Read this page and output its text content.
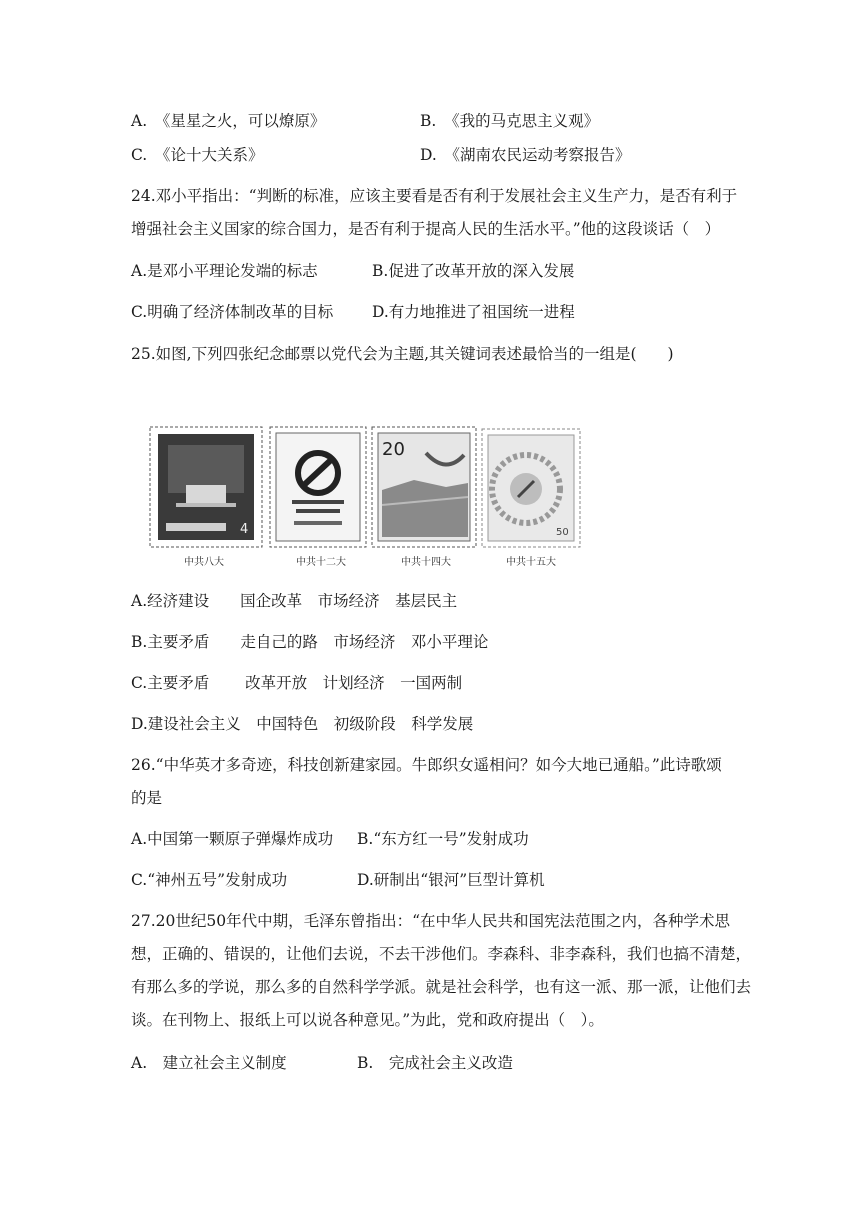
A.　《星星之火，可以燎原》	B.　《我的马克思主义观》
C.　《论十大关系》	D.　《湖南农民运动考察报告》
24.邓小平指出：“判断的标准，应该主要看是否有利于发展社会主义生产力，是否有利于
增强社会主义国家的综合国力，是否有利于提高人民的生活水平。”他的这段谈话（　）
A.是邓小平理论发端的标志	B.促进了改革开放的深入发展
C.明确了经济体制改革的目标	D.有力地推进了祖国统一进程
25.如图,下列四张纪念邮票以党代会为主题,其关键词表述最恰当的一组是(　　)
4
20
50
中共八大	中共十二大	中共十四大	中共十五大
A.经济建设　　国企改革　市场经济　基层民主
B.主要矛盾　　走自己的路　市场经济　邓小平理论
C.主要矛盾　　 改革开放　计划经济　一国两制
D.建设社会主义　中国特色　初级阶段　科学发展
26.“中华英才多奇迹，科技创新建家园。牛郎织女遥相问？如今大地已通船。”此诗歌颂
的是
A.中国第一颗原子弹爆炸成功 B.“东方红一号”发射成功
C.“神州五号”发射成功	D.研制出“银河”巨型计算机
27.20世纪50年代中期，毛泽东曾指出：“在中华人民共和国宪法范围之内，各种学术思
想，正确的、错误的，让他们去说，不去干涉他们。李森科、非李森科，我们也搞不清楚，
有那么多的学说，那么多的自然科学学派。就是社会科学，也有这一派、那一派，让他们去
谈。在刊物上、报纸上可以说各种意见。”为此，党和政府提出（　）。
A.　建立社会主义制度	B.　完成社会主义改造
